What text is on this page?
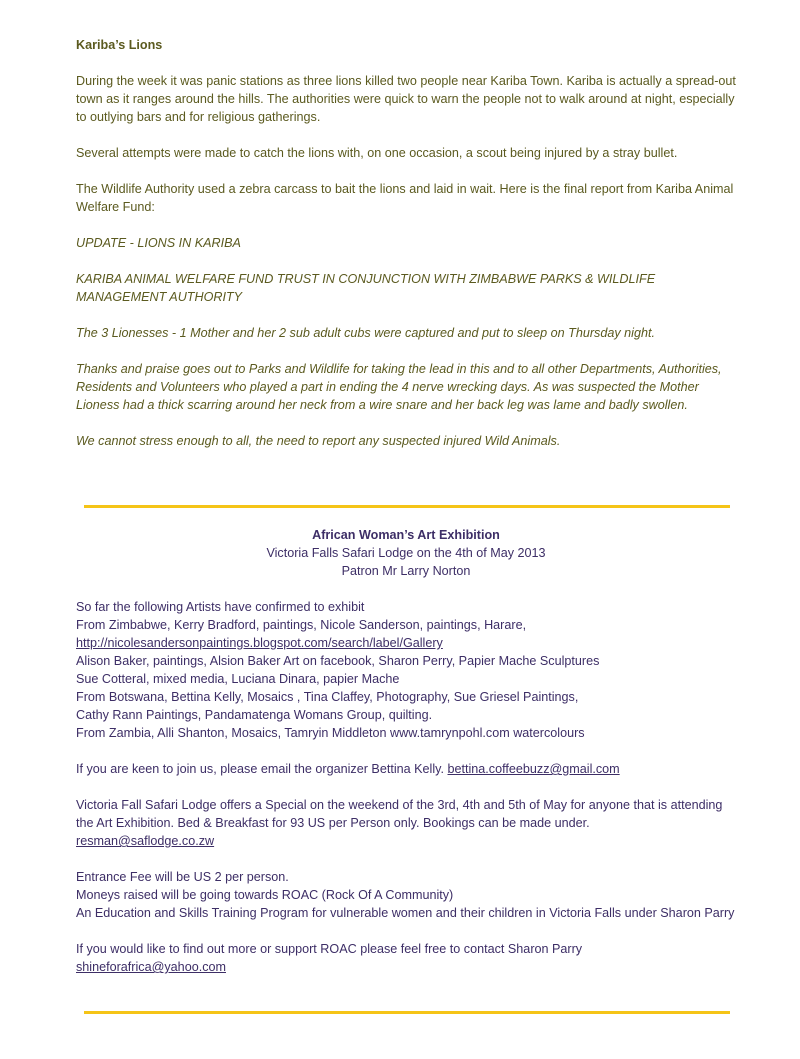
Kariba’s Lions

During the week it was panic stations as three lions killed two people near Kariba Town. Kariba is actually a spread-out town as it ranges around the hills. The authorities were quick to warn the people not to walk around at night, especially to outlying bars and for religious gatherings.

Several attempts were made to catch the lions with, on one occasion, a scout being injured by a stray bullet.

The Wildlife Authority used a zebra carcass to bait the lions and laid in wait. Here is the final report from Kariba Animal Welfare Fund:

UPDATE - LIONS IN KARIBA

KARIBA ANIMAL WELFARE FUND TRUST IN CONJUNCTION WITH ZIMBABWE PARKS & WILDLIFE MANAGEMENT AUTHORITY

The 3 Lionesses - 1 Mother and her 2 sub adult cubs were captured and put to sleep on Thursday night.

Thanks and praise goes out to Parks and Wildlife for taking the lead in this and to all other Departments, Authorities, Residents and Volunteers who played a part in ending the 4 nerve wrecking days. As was suspected the Mother Lioness had a thick scarring around her neck from a wire snare and her back leg was lame and badly swollen.

We cannot stress enough to all, the need to report any suspected injured Wild Animals.

African Woman’s Art Exhibition
Victoria Falls Safari Lodge on the 4th of May 2013
Patron Mr Larry Norton

So far the following Artists have confirmed to exhibit
From Zimbabwe, Kerry Bradford, paintings, Nicole Sanderson, paintings, Harare,
http://nicolesandersonpaintings.blogspot.com/search/label/Gallery
Alison Baker, paintings, Alsion Baker Art on facebook, Sharon Perry, Papier Mache Sculptures
Sue Cotteral, mixed media, Luciana Dinara, papier Mache
From Botswana, Bettina Kelly, Mosaics , Tina Claffey, Photography, Sue Griesel Paintings,
Cathy Rann Paintings, Pandamatenga Womans Group, quilting.
From Zambia, Alli Shanton, Mosaics, Tamryin Middleton www.tamrynpohl.com watercolours

If you are keen to join us, please email the organizer Bettina Kelly. bettina.coffeebuzz@gmail.com

Victoria Fall Safari Lodge offers a Special on the weekend of the 3rd, 4th and 5th of May for anyone that is attending the Art Exhibition. Bed & Breakfast for 93 US per Person only. Bookings can be made under.
resman@saflodge.co.zw

Entrance Fee will be US 2 per person.
Moneys raised will be going towards ROAC (Rock Of A Community)
An Education and Skills Training Program for vulnerable women and their children in Victoria Falls under Sharon Parry

If you would like to find out more or support ROAC please feel free to contact Sharon Parry
shineforafrica@yahoo.com
